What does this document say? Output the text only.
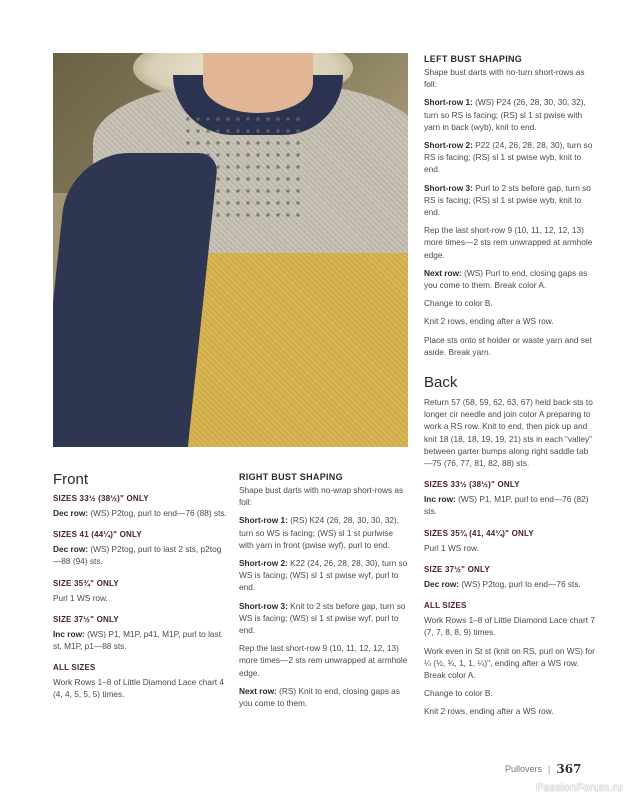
Front
SIZES 33½ (38½)" ONLY

Dec row: (WS) P2tog, purl to end—76 (88) sts.

SIZES 41 (44¼)" ONLY

Dec row: (WS) P2tog, purl to last 2 sts, p2tog—88 (94) sts.

SIZE 35¾" ONLY

Purl 1 WS row.

SIZE 37½" ONLY

Inc row: (WS) P1, M1P, p41, M1P, purl to last st, M1P, p1—88 sts.

ALL SIZES

Work Rows 1–8 of Little Diamond Lace chart 4 (4, 4, 5, 5, 5) times.

RIGHT BUST SHAPING

Shape bust darts with no-wrap short-rows as foll:

Short-row 1: (RS) K24 (26, 28, 30, 30, 32), turn so WS is facing; (WS) sl 1 st purlwise with yarn in front (pwise wyf), purl to end.

Short-row 2: K22 (24, 26, 28, 28, 30), turn so WS is facing; (WS) sl 1 st pwise wyf, purl to end.

Short-row 3: Knit to 2 sts before gap, turn so WS is facing; (WS) sl 1 st pwise wyf, purl to end.

Rep the last short-row 9 (10, 11, 12, 12, 13) more times—2 sts rem unwrapped at armhole edge.

Next row: (RS) Knit to end, closing gaps as you come to them.

LEFT BUST SHAPING

Shape bust darts with no-turn short-rows as foll:

Short-row 1: (WS) P24 (26, 28, 30, 30, 32), turn so RS is facing; (RS) sl 1 st pwise with yarn in back (wyb), knit to end.

Short-row 2: P22 (24, 26, 28, 28, 30), turn so RS is facing; (RS) sl 1 st pwise wyb, knit to end.

Short-row 3: Purl to 2 sts before gap, turn so RS is facing; (RS) sl 1 st pwise wyb, knit to end.

Rep the last short-row 9 (10, 11, 12, 12, 13) more times—2 sts rem unwrapped at armhole edge.

Next row: (WS) Purl to end, closing gaps as you come to them. Break color A.

Change to color B.

Knit 2 rows, ending after a WS row.

Place sts onto st holder or waste yarn and set aside. Break yarn.

Back

Return 57 (58, 59, 62, 63, 67) held back sts to longer cir needle and join color A preparing to work a RS row. Knit to end, then pick up and knit 18 (18, 18, 19, 19, 21) sts in each “valley” between garter bumps along right saddle tab—75 (76, 77, 81, 82, 88) sts.

SIZES 33½ (38½)" ONLY

Inc row: (WS) P1, M1P, purl to end—76 (82) sts.

SIZES 35¾ (41, 44¼)" ONLY

Purl 1 WS row.

SIZE 37½" ONLY

Dec row: (WS) P2tog, purl to end—76 sts.

ALL SIZES

Work Rows 1–8 of Little Diamond Lace chart 7 (7, 7, 8, 8, 9) times.

Work even in St st (knit on RS, purl on WS) for ¼ (½, ¾, 1, 1, ¼)", ending after a WS row. Break color A.

Change to color B.

Knit 2 rows, ending after a WS row.

Pullovers | 367
PassionForum.ru
